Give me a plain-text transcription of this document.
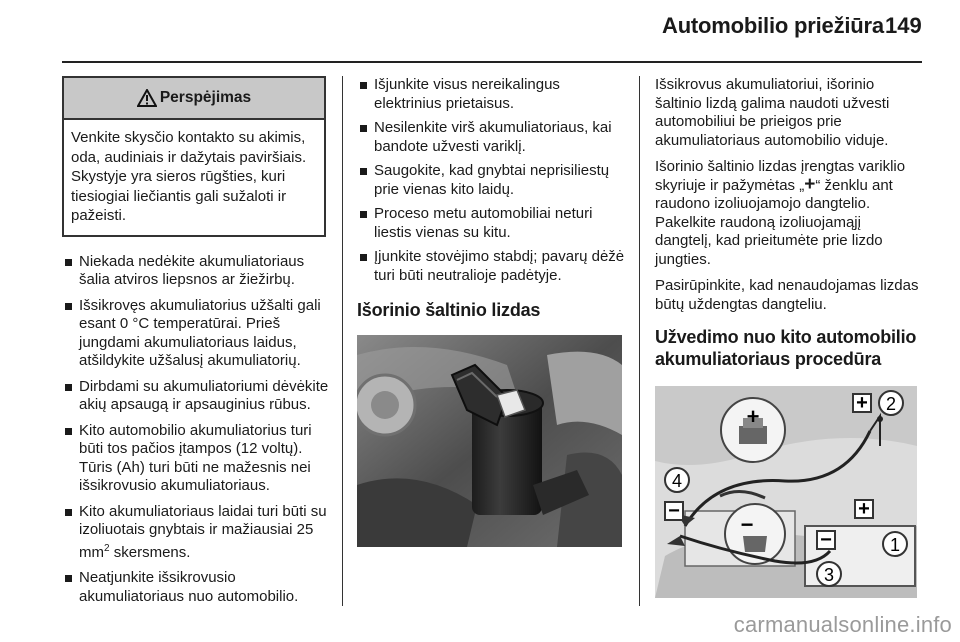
Automobilio priežiūra 149
Perspėjimas
Venkite skysčio kontakto su akimis, oda, audiniais ir dažytais paviršiais. Skystyje yra sieros rūgšties, kuri tiesiogiai liečiantis gali sužaloti ir pažeisti.
Niekada nedėkite akumuliatoriaus šalia atviros liepsnos ar žiežirbų.
Išsikrovęs akumuliatorius užšalti gali esant 0 °C temperatūrai. Prieš jungdami akumuliatoriaus laidus, atšildykite užšalusį akumuliatorių.
Dirbdami su akumuliatoriumi dėvėkite akių apsaugą ir apsauginius rūbus.
Kito automobilio akumuliatorius turi būti tos pačios įtampos (12 voltų). Tūris (Ah) turi būti ne mažesnis nei išsikrovusio akumuliatoriaus.
Kito akumuliatoriaus laidai turi būti su izoliuotais gnybtais ir mažiausiai 25 $mm^2$ skersmens.
Neatjunkite išsikrovusio akumuliatoriaus nuo automobilio.
Išjunkite visus nereikalingus elektrinius prietaisus.
Nesilenkite virš akumuliatoriaus, kai bandote užvesti variklį.
Saugokite, kad gnybtai neprisiliestų prie vienas kito laidų.
Proceso metu automobiliai neturi liestis vienas su kitu.
Įjunkite stovėjimo stabdį; pavarų dėžė turi būti neutralioje padėtyje.
Išorinio šaltinio lizdas

Išsikrovus akumuliatoriui, išorinio šaltinio lizdą galima naudoti užvesti automobiliui be prieigos prie akumuliatoriaus automobilio viduje.

Išorinio šaltinio lizdas įrengtas variklio skyriuje ir pažymėtas „+“ ženklu ant raudono izoliuojamojo dangtelio. Pakelkite raudoną izoliuojamąjį dangtelį, kad prieitumėte prie lizdo jungties.

Pasirūpinkite, kad nenaudojamas lizdas būtų uždengtas dangteliu.

Užvedimo nuo kito automobilio akumuliatoriaus procedūra
+ 2
+
−
4
−	1
3
+
−
carmanualsonline.info
